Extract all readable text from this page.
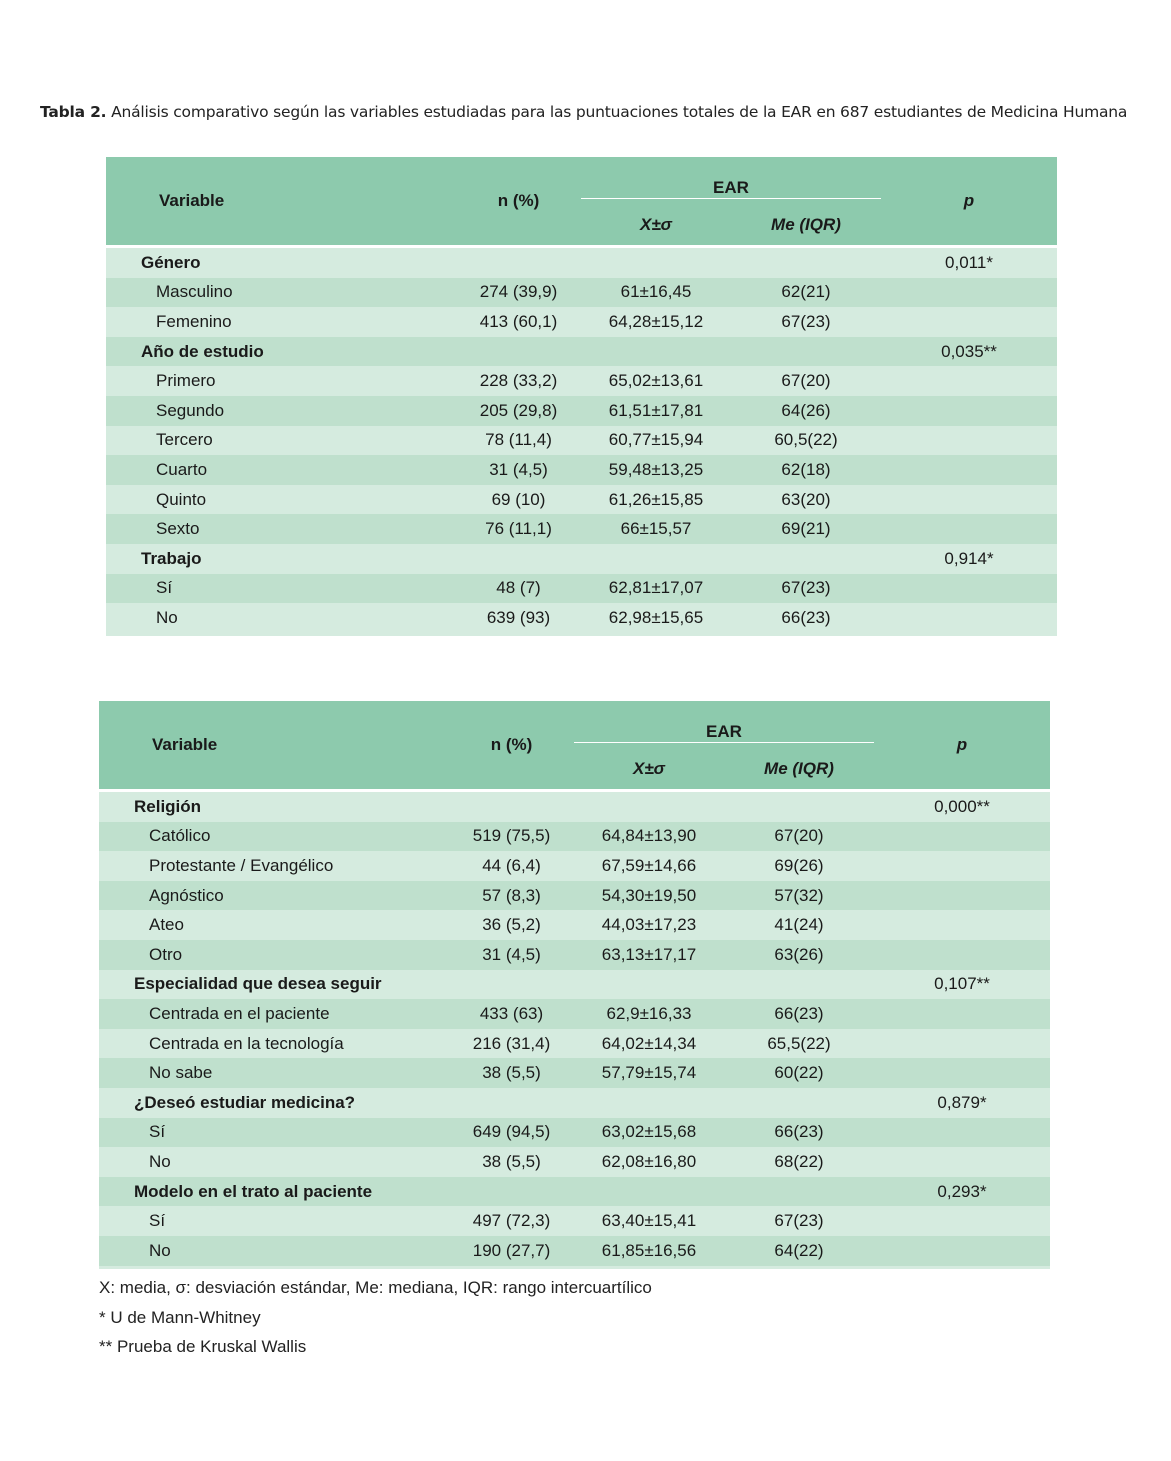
Tabla 2. Análisis comparativo según las variables estudiadas para las puntuaciones totales de la EAR en 687 estudiantes de Medicina Humana
Variable	n (%)	EAR		p
		X±σ	Me (IQR)	

Género				0,011*
Masculino	274 (39,9)	61±16,45	62(21)	
Femenino	413 (60,1)	64,28±15,12	67(23)	
Año de estudio				0,035**
Primero	228 (33,2)	65,02±13,61	67(20)	
Segundo	205 (29,8)	61,51±17,81	64(26)	
Tercero	78 (11,4)	60,77±15,94	60,5(22)	
Cuarto	31 (4,5)	59,48±13,25	62(18)	
Quinto	69 (10)	61,26±15,85	63(20)	
Sexto	76 (11,1)	66±15,57	69(21)	
Trabajo				0,914*
Sí	48 (7)	62,81±17,07	67(23)	
No	639 (93)	62,98±15,65	66(23)	

Variable	n (%)	EAR		p
		X±σ	Me (IQR)	

Religión				0,000**
Católico	519 (75,5)	64,84±13,90	67(20)	
Protestante / Evangélico	44 (6,4)	67,59±14,66	69(26)	
Agnóstico	57 (8,3)	54,30±19,50	57(32)	
Ateo	36 (5,2)	44,03±17,23	41(24)	
Otro	31 (4,5)	63,13±17,17	63(26)	
Especialidad que desea seguir				0,107**
Centrada en el paciente	433 (63)	62,9±16,33	66(23)	
Centrada en la tecnología	216 (31,4)	64,02±14,34	65,5(22)	
No sabe	38 (5,5)	57,79±15,74	60(22)	
¿Deseó estudiar medicina?				0,879*
Sí	649 (94,5)	63,02±15,68	66(23)	
No	38 (5,5)	62,08±16,80	68(22)	
Modelo en el trato al paciente				0,293*
Sí	497 (72,3)	63,40±15,41	67(23)	
No	190 (27,7)	61,85±16,56	64(22)	

X: media, σ: desviación estándar, Me: mediana, IQR: rango intercuartílico
* U de Mann-Whitney
** Prueba de Kruskal Wallis
